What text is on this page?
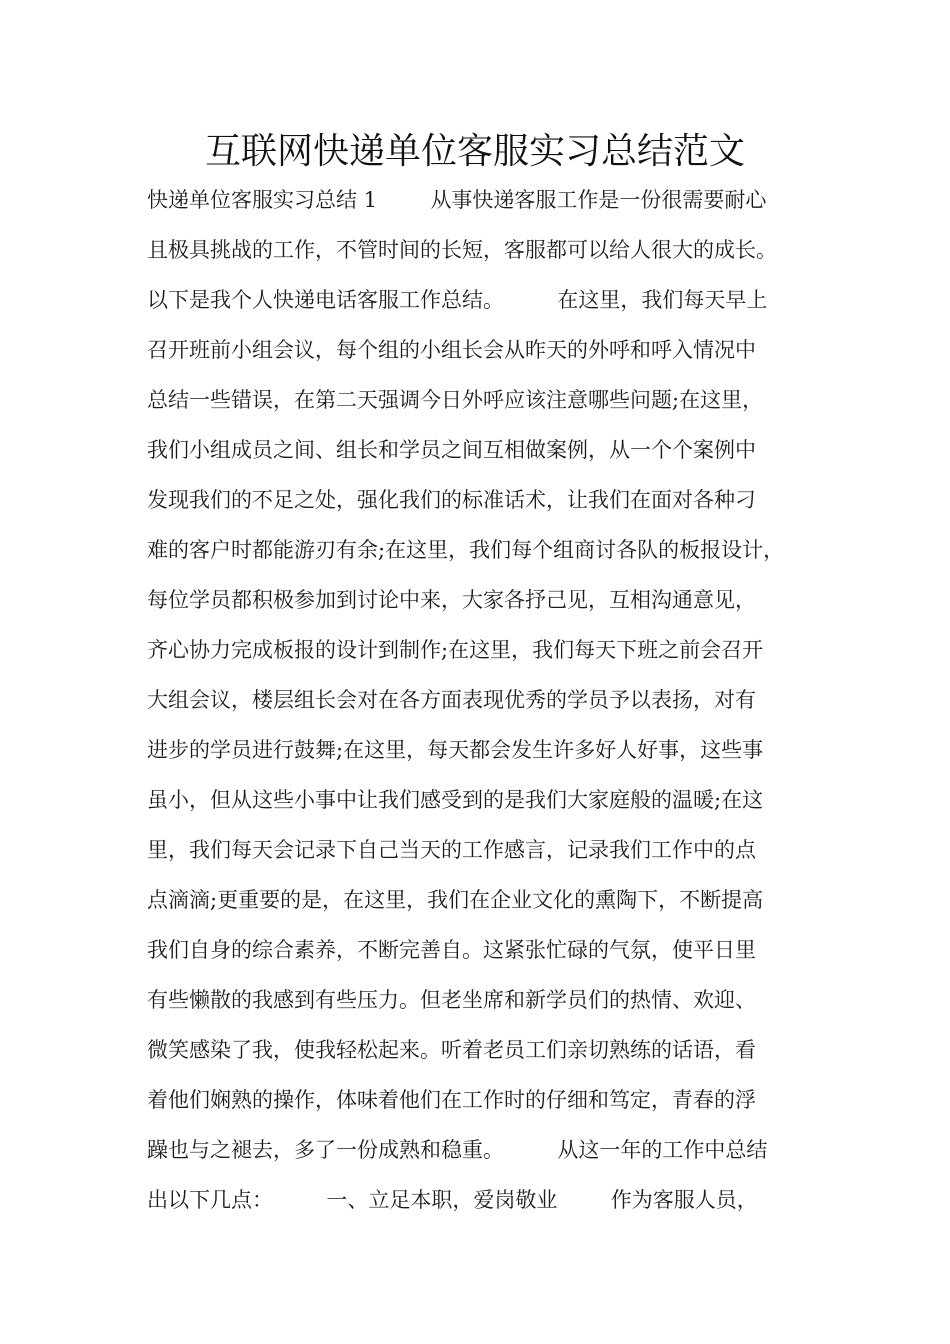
互联网快递单位客服实习总结范文
快递单位客服实习总结 1        从事快递客服工作是一份很需要耐心
且极具挑战的工作，不管时间的长短，客服都可以给人很大的成长。
以下是我个人快递电话客服工作总结。        在这里，我们每天早上
召开班前小组会议，每个组的小组长会从昨天的外呼和呼入情况中
总结一些错误，在第二天强调今日外呼应该注意哪些问题;在这里，
我们小组成员之间、组长和学员之间互相做案例，从一个个案例中
发现我们的不足之处，强化我们的标准话术，让我们在面对各种刁
难的客户时都能游刃有余;在这里，我们每个组商讨各队的板报设计，
每位学员都积极参加到讨论中来，大家各抒己见，互相沟通意见，
齐心协力完成板报的设计到制作;在这里，我们每天下班之前会召开
大组会议，楼层组长会对在各方面表现优秀的学员予以表扬，对有
进步的学员进行鼓舞;在这里，每天都会发生许多好人好事，这些事
虽小，但从这些小事中让我们感受到的是我们大家庭般的温暖;在这
里，我们每天会记录下自己当天的工作感言，记录我们工作中的点
点滴滴;更重要的是，在这里，我们在企业文化的熏陶下，不断提高
我们自身的综合素养，不断完善自。这紧张忙碌的气氛，使平日里
有些懒散的我感到有些压力。但老坐席和新学员们的热情、欢迎、
微笑感染了我，使我轻松起来。听着老员工们亲切熟练的话语，看
着他们娴熟的操作，体味着他们在工作时的仔细和笃定，青春的浮
躁也与之褪去，多了一份成熟和稳重。        从这一年的工作中总结
出以下几点：        一、立足本职，爱岗敬业        作为客服人员，
